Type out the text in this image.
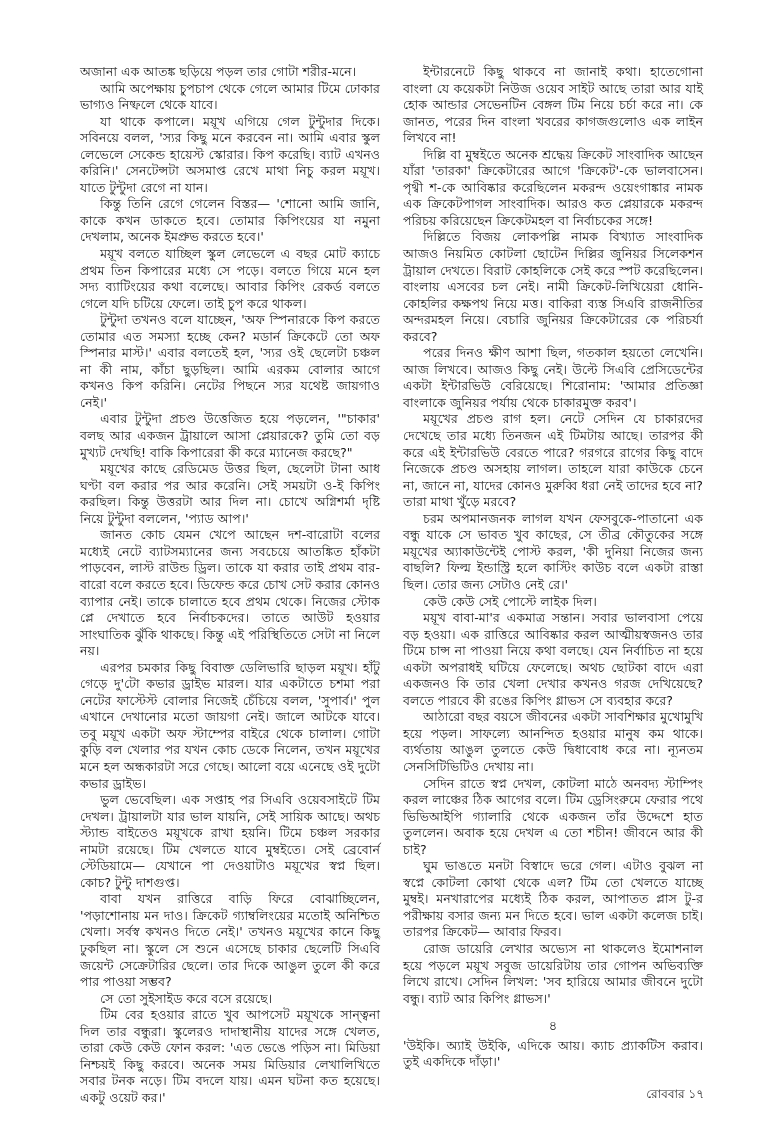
অজানা এক আতঙ্ক ছড়িয়ে পড়ল তার গোটা শরীর-মনে।

আমি অপেক্ষায় চুপচাপ থেকে গেলে আমার টিমে ঢোকার ভাগ্যও নিষ্ফলে থেকে যাবে।

যা থাকে কপালে। ময়ূখ এগিয়ে গেল টুন্টুদার দিকে। সবিনয়ে বলল, 'স্যর কিছু মনে করবেন না। আমি এবার স্কুল লেভেলে সেকেন্ড হায়েস্ট স্কোরার। কিপ করেছি। ব্যাট এখনও করিনি।' সেনটেন্সটা অসমাপ্ত রেখে মাথা নিচু করল ময়ূখ। যাতে টুন্টুদা রেগে না যান।

কিন্তু তিনি রেগে গেলেন বিস্তর— 'শোনো আমি জানি, কাকে কখন ডাকতে হবে। তোমার কিপিংয়ের যা নমুনা দেখলাম, অনেক ইমপ্রুভ করতে হবে।'

ময়ূখ বলতে যাচ্ছিল স্কুল লেভেলে এ বছর মোট ক্যাচে প্রথম তিন কিপারের মধ্যে সে পড়ে। বলতে গিয়ে মনে হল সদ্য ব্যাটিংয়ের কথা বলেছে। আবার কিপিং রেকর্ড বলতে গেলে যদি চটিয়ে ফেলে। তাই চুপ করে থাকল।

টুন্টুদা তখনও বলে যাচ্ছেন, 'অফ স্পিনারকে কিপ করতে তোমার এত সমস্যা হচ্ছে কেন? মডার্ন ক্রিকেটে তো অফ স্পিনার মাস্ট।' এবার বলতেই হল, 'স্যর ওই ছেলেটা চঞ্চল না কী নাম, কাঁচা ছুড়ছিল। আমি এরকম বোলার আগে কখনও কিপ করিনি। নেটের পিছনে স্যর যথেষ্ট জায়গাও নেই।'

এবার টুন্টুদা প্রচণ্ড উত্তেজিত হয়ে পড়লেন, '"চাকার' বলছ আর একজন ট্রায়ালে আসা প্লেয়ারকে? তুমি তো বড় মুখ্যট দেখছি! বাকি কিপারেরা কী করে ম্যানেজ করছে?"

ময়ূখের কাছে রেডিমেড উত্তর ছিল, ছেলেটা টানা আধ ঘণ্টা বল করার পর আর করেনি। সেই সময়টা ও-ই কিপিং করছিল। কিন্তু উত্তরটা আর দিল না। চোখে অগ্নিশর্মা দৃষ্টি নিয়ে টুন্টুদা বললেন, 'প্যাড আপ।'

জানত কোচ যেমন খেপে আছেন দশ-বারোটা বলের মধ্যেই নেটে ব্যাটসম্যানের জন্য সবচেয়ে আতঙ্কিত হাঁকটা পাড়বেন, লাস্ট রাউন্ড ড্রিল। তাকে যা করার তাই প্রথম বার-বারো বলে করতে হবে। ডিফেন্ড করে চোখ সেট করার কোনও ব্যাপার নেই। তাকে চালাতে হবে প্রথম থেকে। নিজের স্টোক প্লে দেখাতে হবে নির্বাচকদের। তাতে আউট হওয়ার সাংঘাতিক ঝুঁকি থাকছে। কিন্তু এই পরিস্থিতিতে সেটা না নিলে নয়।

এরপর চমকার কিছু বিবাক্ত ডেলিভারি ছাড়ল ময়ূখ। হাঁটু গেড়ে দু'টো কভার ড্রাইভ মারল। যার একটাতে চশমা পরা নেটের ফাস্টেস্ট বোলার নিজেই চেঁচিয়ে বলল, 'সুপার্ব।' পুল এখানে দেখানোর মতো জায়গা নেই। জালে আটকে যাবে। তবু ময়ূখ একটা অফ স্টাম্পের বাইরে থেকে চালাল। গোটা কুড়ি বল খেলার পর যখন কোচ ডেকে নিলেন, তখন ময়ূখের মনে হল অন্ধকারটা সরে গেছে। আলো বয়ে এনেছে ওই দুটো কভার ড্রাইভ।

ভুল ভেবেছিল। এক সপ্তাহ পর সিএবি ওয়েবসাইটে টিম দেখল। ট্রায়ালটা যার ভাল যায়নি, সেই সায়িক আছে। অথচ স্ট্যান্ড বাইতেও ময়ূখকে রাখা হয়নি। টিমে চঞ্চল সরকার নামটা রয়েছে। টিম খেলতে যাবে মুম্বইতে। সেই ব্রেবোর্ন স্টেডিয়ামে— যেখানে পা দেওয়াটাও ময়ূখের স্বপ্ন ছিল। কোচ? টুন্টু দাশগুপ্ত।

বাবা যখন রাত্তিরে বাড়ি ফিরে বোঝাচ্ছিলেন, 'পড়াশোনায় মন দাও। ক্রিকেট গ্যাম্বলিংয়ের মতোই অনিশ্চিত খেলা। সর্বস্ব কখনও দিতে নেই।' তখনও ময়ূখের কানে কিছু ঢুকছিল না। স্কুলে সে শুনে এসেছে চাকার ছেলেটি সিএবি জয়েন্ট সেক্রেটারির ছেলে। তার দিকে আঙুল তুলে কী করে পার পাওয়া সম্ভব?

সে তো সুইসাইড করে বসে রয়েছে।

টিম বের হওয়ার রাতে খুব আপসেট ময়ূখকে সান্ত্বনা দিল তার বন্ধুরা। স্কুলেরও দাদাস্থানীয় যাদের সঙ্গে খেলত, তারা কেউ কেউ ফোন করল: 'এত ভেঙে পড়িস না। মিডিয়া নিশ্চয়ই কিছু করবে। অনেক সময় মিডিয়ার লেখালিখিতে সবার টনক নড়ে। টিম বদলে যায়। এমন ঘটনা কত হয়েছে। একটু ওয়েট কর।'

ইন্টারনেটে কিছু থাকবে না জানাই কথা। হাতেগোনা বাংলা যে কয়েকটা নিউজ ওয়েব সাইট আছে তারা আর যাই হোক আন্ডার সেভেনটিন বেঙ্গল টিম নিয়ে চর্চা করে না। কে জানত, পরের দিন বাংলা খবরের কাগজগুলোও এক লাইন লিখবে না!

দিল্লি বা মুম্বইতে অনেক শ্রদ্ধেয় ক্রিকেট সাংবাদিক আছেন যাঁরা 'তারকা' ক্রিকেটারের আগে 'ক্রিকেট'-কে ভালবাসেন। পৃথ্বী শ-কে আবিষ্কার করেছিলেন মকরন্দ ওয়েংগাঙ্কার নামক এক ক্রিকেটপাগল সাংবাদিক। আরও কত প্লেয়ারকে মকরন্দ পরিচয় করিয়েছেন ক্রিকেটমহল বা নির্বাচকের সঙ্গে!

দিল্লিতে বিজয় লোকপল্লি নামক বিখ্যাত সাংবাদিক আজও নিয়মিত কোটলা ছোটেন দিল্লির জুনিয়র সিলেকশন ট্রায়াল দেখতে। বিরাট কোহলিকে সেই করে স্পট করেছিলেন। বাংলায় এসবের চল নেই। নামী ক্রিকেট-লিখিয়েরা ধোনি-কোহলির কক্ষপথ নিয়ে মত্ত। বাকিরা ব্যস্ত সিএবি রাজনীতির অন্দরমহল নিয়ে। বেচারি জুনিয়র ক্রিকেটারের কে পরিচর্যা করবে?

পরের দিনও ক্ষীণ আশা ছিল, গতকাল হয়তো লেখেনি। আজ লিখবে। আজও কিছু নেই। উল্টে সিএবি প্রেসিডেন্টের একটা ইন্টারভিউ বেরিয়েছে। শিরোনাম: 'আমার প্রতিজ্ঞা বাংলাকে জুনিয়র পর্যায় থেকে চাকারমুক্ত করব'।

ময়ূখের প্রচণ্ড রাগ হল। নেটে সেদিন যে চাকারদের দেখেছে তার মধ্যে তিনজন এই টিমটায় আছে। তারপর কী করে এই ইন্টারভিউ বেরতে পারে? গরগরে রাগের কিছু বাদে নিজেকে প্রচণ্ড অসহায় লাগল। তাহলে যারা কাউকে চেনে না, জানে না, যাদের কোনও মুরুব্বি ধরা নেই তাদের হবে না? তারা মাথা খুঁড়ে মরবে?

চরম অপমানজনক লাগল যখন ফেসবুকে-পাতানো এক বন্ধু যাকে সে ভাবত খুব কাছের, সে তীব্র কৌতুকের সঙ্গে ময়ূখের অ্যাকাউন্টেই পোস্ট করল, 'কী দুনিয়া নিজের জন্য বাছলি? ফিল্ম ইন্ডাস্ট্রি হলে কাস্টিং কাউচ বলে একটা রাস্তা ছিল। তোর জন্য সেটাও নেই রে।'

কেউ কেউ সেই পোস্টে লাইক দিল।

ময়ূখ বাবা-মা'র একমাত্র সন্তান। সবার ভালবাসা পেয়ে বড় হওয়া। এক রাত্তিরে আবিষ্কার করল আত্মীয়স্বজনও তার টিমে চান্স না পাওয়া নিয়ে কথা বলছে। যেন নির্বাচিত না হয়ে একটা অপরাধই ঘটিয়ে ফেলেছে। অথচ ছোটকা বাদে এরা একজনও কি তার খেলা দেখার কখনও গরজ দেখিয়েছে? বলতে পারবে কী রঙের কিপিং গ্লাভস সে ব্যবহার করে?

আঠারো বছর বয়সে জীবনের একটা সাবশিক্ষার মুখোমুখি হয়ে পড়ল। সাফল্যে আনন্দিত হওয়ার মানুষ কম থাকে। ব্যর্থতায় আঙুল তুলতে কেউ দ্বিধাবোধ করে না। ন্যূনতম সেনসিটিভিটিও দেখায় না।

সেদিন রাতে স্বপ্ন দেখল, কোটলা মাঠে অনবদ্য স্টাম্পিং করল লাঞ্চের ঠিক আগের বলে। টিম ড্রেসিংরুমে ফেরার পথে ভিভিআইপি গ্যালারি থেকে একজন তাঁর উদ্দেশে হাত তুললেন। অবাক হয়ে দেখল এ তো শচীন! জীবনে আর কী চাই?

ঘুম ভাঙতে মনটা বিস্বাদে ভরে গেল। এটাও বুঝল না স্বপ্নে কোটলা কোথা থেকে এল? টিম তো খেলতে যাচ্ছে মুম্বই। মনখারাপের মধ্যেই ঠিক করল, আপাতত প্লাস টু-র পরীক্ষায় বসার জন্য মন দিতে হবে। ভাল একটা কলেজ চাই। তারপর ক্রিকেট— আবার ফিরব।

রোজ ডায়েরি লেখার অভ্যেস না থাকলেও ইমোশনাল হয়ে পড়লে ময়ূখ সবুজ ডায়েরিটায় তার গোপন অভিব্যক্তি লিখে রাখে। সেদিন লিখল: 'সব হারিয়ে আমার জীবনে দুটো বন্ধু। ব্যাট আর কিপিং গ্লাভস।'

৪

'উইকি। অ্যাই উইকি, এদিকে আয়। ক্যাচ প্র্যাকটিস করাব। তুই একদিকে দাঁড়া।'

রোববার ১৭
